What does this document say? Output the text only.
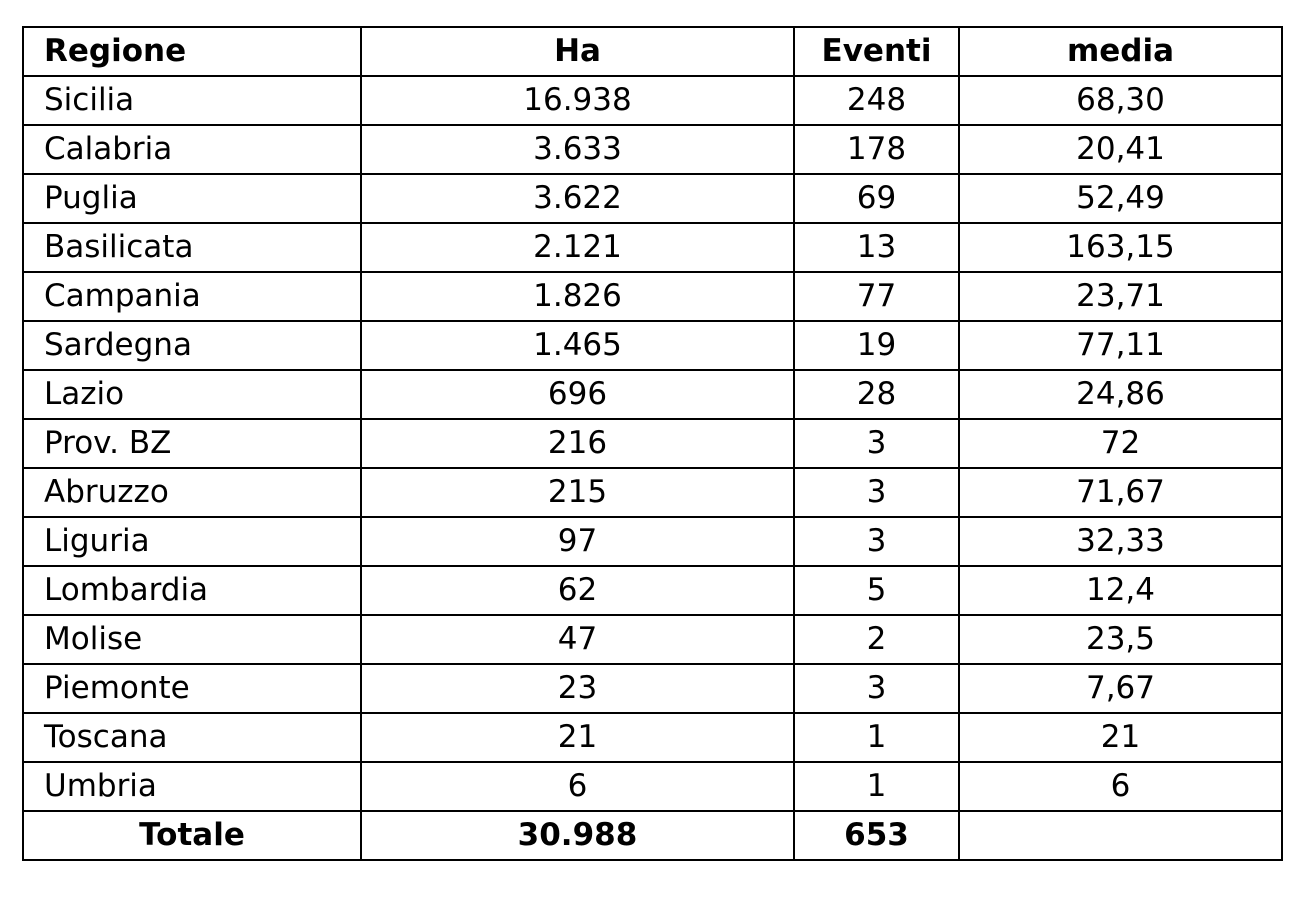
Regione	Ha	Eventi	media
Sicilia	16.938	248	68,30
Calabria	3.633	178	20,41
Puglia	3.622	69	52,49
Basilicata	2.121	13	163,15
Campania	1.826	77	23,71
Sardegna	1.465	19	77,11
Lazio	696	28	24,86
Prov. BZ	216	3	72
Abruzzo	215	3	71,67
Liguria	97	3	32,33
Lombardia	62	5	12,4
Molise	47	2	23,5
Piemonte	23	3	7,67
Toscana	21	1	21
Umbria	6	1	6
Totale	30.988	653	
